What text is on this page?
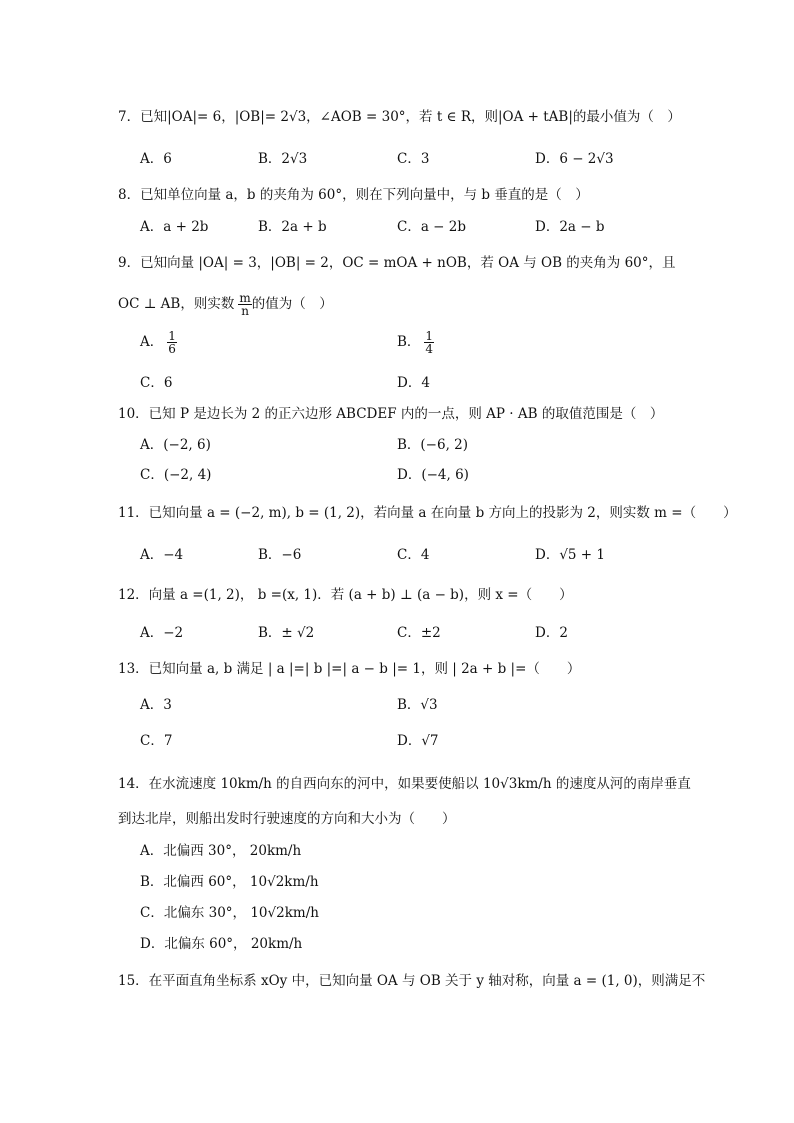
7．已知|OA|= 6，|OB|= 2√3，∠AOB = 30°，若 t ∈ R，则|OA + tAB|的最小值为（　）
A．6	B．2√3	C．3	D．6 − 2√3
8．已知单位向量 a，b 的夹角为 60°，则在下列向量中，与 b 垂直的是（　）
A．a + 2b	B．2a + b	C．a − 2b	D．2a − b
9．已知向量 |OA| = 3，|OB| = 2，OC = mOA + nOB，若 OA 与 OB 的夹角为 60°，且
OC ⊥ AB，则实数 $\frac{m}{n}$ 的值为（　）
A． $\frac{1}{6}$	B． $\frac{1}{4}$
C．6	D．4
10．已知 P 是边长为 2 的正六边形 ABCDEF 内的一点，则 AP · AB 的取值范围是（　）
A．(−2, 6)	B．(−6, 2)
C．(−2, 4)	D．(−4, 6)
11．已知向量 a = (−2, m), b = (1, 2)，若向量 a 在向量 b 方向上的投影为 2，则实数 m =（　　）
A．−4	B．−6	C．4	D．√5 + 1
12．向量 a =(1, 2)， b =(x, 1)．若 (a + b) ⊥ (a − b)，则 x =（　　）
A．−2	B．± √2	C．±2	D．2
13．已知向量 a, b 满足 | a |=| b |=| a − b |= 1，则 | 2a + b |=（　　）
A．3	B．√3
C．7	D．√7
14．在水流速度 10km/h 的自西向东的河中，如果要使船以 10√3km/h 的速度从河的南岸垂直
到达北岸，则船出发时行驶速度的方向和大小为（　　）
A．北偏西 30°， 20km/h
B．北偏西 60°， 10√2km/h
C．北偏东 30°， 10√2km/h
D．北偏东 60°， 20km/h
15．在平面直角坐标系 xOy 中，已知向量 OA 与 OB 关于 y 轴对称，向量 a = (1, 0)，则满足不
